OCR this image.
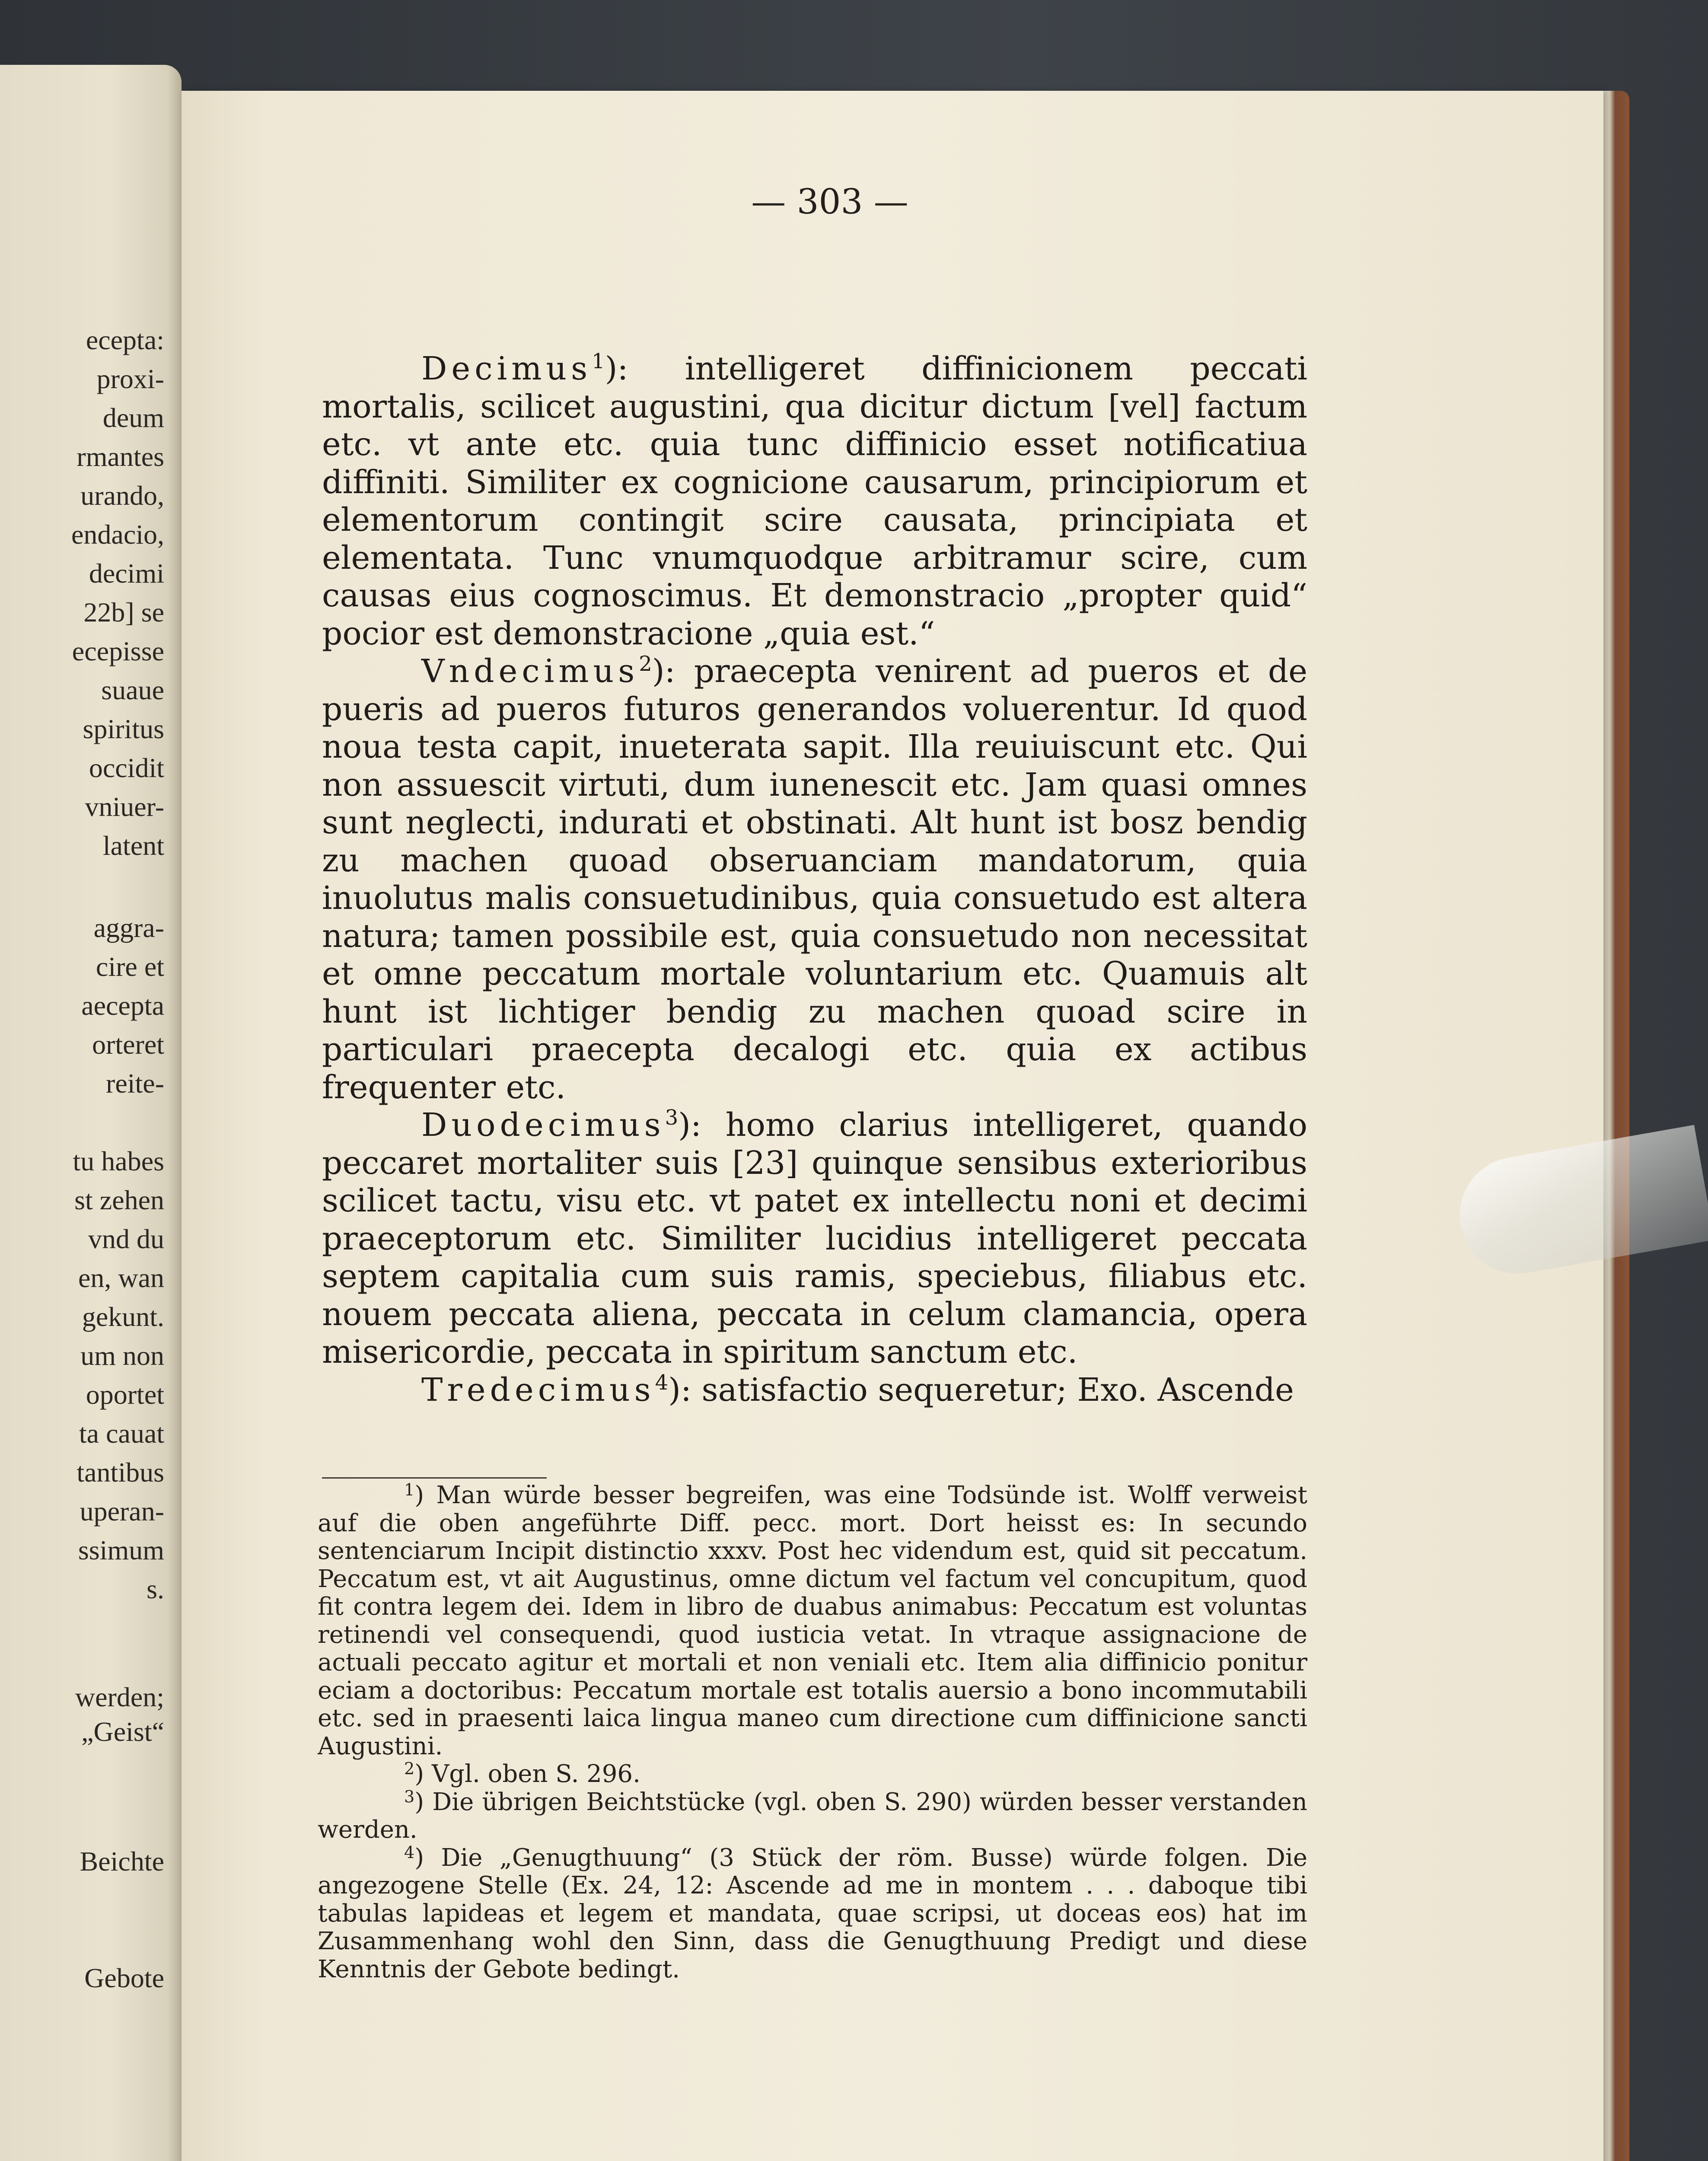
ecepta:
proxi-
deum
rmantes
urando,
endacio,
decimi
22b] se
ecepisse
suaue
spiritus
occidit
vniuer-
latent
aggra-
cire et
aecepta
orteret
reite-
tu habes
st zehen
vnd du
en, wan
gekunt.
um non
oportet
ta cauat
tantibus
uperan-
ssimum
s.
werden;
„Geist“
Beichte
Gebote
— 303 —

Decimus$^1$): intelligeret diffinicionem peccati mortalis, scilicet augustini, qua dicitur dictum [vel] factum etc. vt ante etc. quia tunc diffinicio esset notificatiua diffiniti. Similiter ex cognicione causarum, principiorum et elementorum contingit scire causata, principiata et elementata. Tunc vnumquodque arbitramur scire, cum causas eius cognoscimus. Et demonstracio „propter quid“ pocior est demonstracione „quia est.“

Vndecimus$^2$): praecepta venirent ad pueros et de pueris ad pueros futuros generandos voluerentur. Id quod noua testa capit, inueterata sapit. Illa reuiuiscunt etc. Qui non assuescit virtuti, dum iunenescit etc. Jam quasi omnes sunt neglecti, indurati et obstinati. Alt hunt ist bosz bendig zu machen quoad obseruanciam mandatorum, quia inuolutus malis consuetudinibus, quia consuetudo est altera natura; tamen possibile est, quia consuetudo non necessitat et omne peccatum mortale voluntarium etc. Quamuis alt hunt ist lichtiger bendig zu machen quoad scire in particulari praecepta decalogi etc. quia ex actibus frequenter etc.

Duodecimus$^3$): homo clarius intelligeret, quando peccaret mortaliter suis [23] quinque sensibus exterioribus scilicet tactu, visu etc. vt patet ex intellectu noni et decimi praeceptorum etc. Similiter lucidius intelligeret peccata septem capitalia cum suis ramis, speciebus, filiabus etc. nouem peccata aliena, peccata in celum clamancia, opera misericordie, peccata in spiritum sanctum etc.

Tredecimus$^4$): satisfactio sequeretur; Exo. Ascende

$^1$) Man würde besser begreifen, was eine Todsünde ist. Wolff verweist auf die oben angeführte Diff. pecc. mort. Dort heisst es: In secundo sentenciarum Incipit distinctio xxxv. Post hec videndum est, quid sit peccatum. Peccatum est, vt ait Augustinus, omne dictum vel factum vel concupitum, quod fit contra legem dei. Idem in libro de duabus animabus: Peccatum est voluntas retinendi vel consequendi, quod iusticia vetat. In vtraque assignacione de actuali peccato agitur et mortali et non veniali etc. Item alia diffinicio ponitur eciam a doctoribus: Peccatum mortale est totalis auersio a bono incommutabili etc. sed in praesenti laica lingua maneo cum directione cum diffinicione sancti Augustini.

$^2$) Vgl. oben S. 296.

$^3$) Die übrigen Beichtstücke (vgl. oben S. 290) würden besser verstanden werden.

$^4$) Die „Genugthuung“ (3 Stück der röm. Busse) würde folgen. Die angezogene Stelle (Ex. 24, 12: Ascende ad me in montem . . . daboque tibi tabulas lapideas et legem et mandata, quae scripsi, ut doceas eos) hat im Zusammenhang wohl den Sinn, dass die Genugthuung Predigt und diese Kenntnis der Gebote bedingt.
